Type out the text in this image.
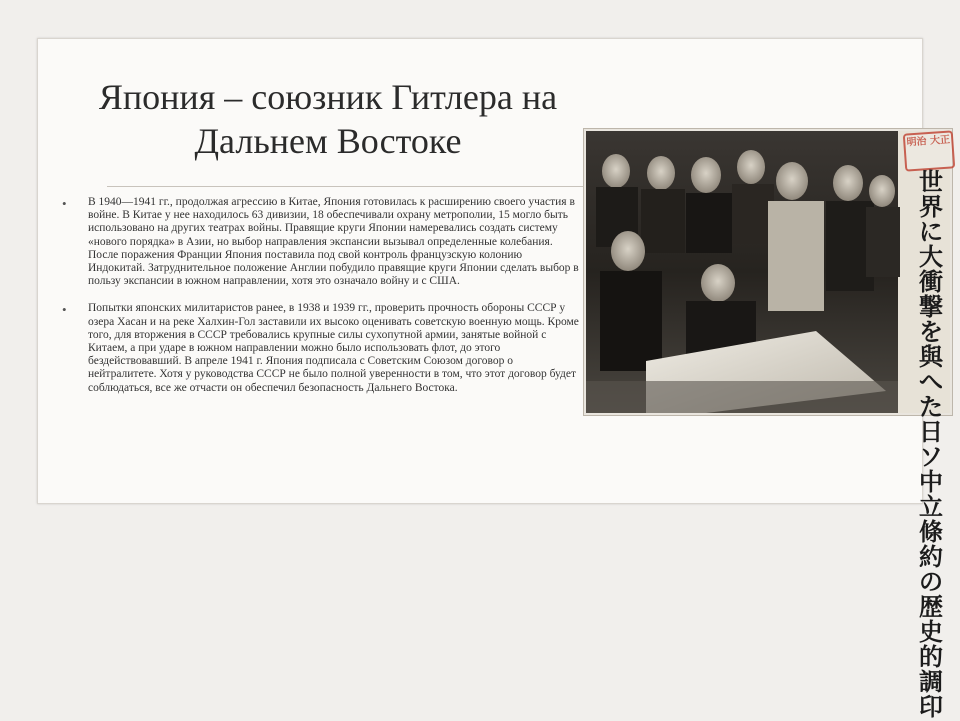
Япония – союзник Гитлера на Дальнем Востоке
• В 1940—1941 гг., продолжая агрессию в Китае, Япония готовилась к расширению своего участия в войне. В Китае у нее находилось 63 дивизии, 18 обеспечивали охрану метрополии, 15 могло быть использовано на других театрах войны. Правящие круги Японии намеревались создать систему «нового порядка» в Азии, но выбор направления экспансии вызывал определенные колебания. После поражения Франции Япония поставила под свой контроль французскую колонию Индокитай. Затруднительное положение Англии побудило правящие круги Японии сделать выбор в пользу экспансии в южном направлении, хотя это означало войну и с США.
• Попытки японских милитаристов ранее, в 1938 и 1939 гг., проверить прочность обороны СССР у озера Хасан и на реке Халхин-Гол заставили их высоко оценивать советскую военную мощь. Кроме того, для вторжения в СССР требовались крупные силы сухопутной армии, занятые войной с Китаем, а при ударе в южном направлении можно было использовать флот, до этого бездействовавший. В апреле 1941 г. Япония подписала с Советским Союзом договор о нейтралитете. Хотя у руководства СССР не было полной уверенности в том, что этот договор будет соблюдаться, все же отчасти он обеспечил безопасность Дальнего Востока.
明治 大正
世界に大衝撃を與へた日ソ中立條約の歴史的調印
